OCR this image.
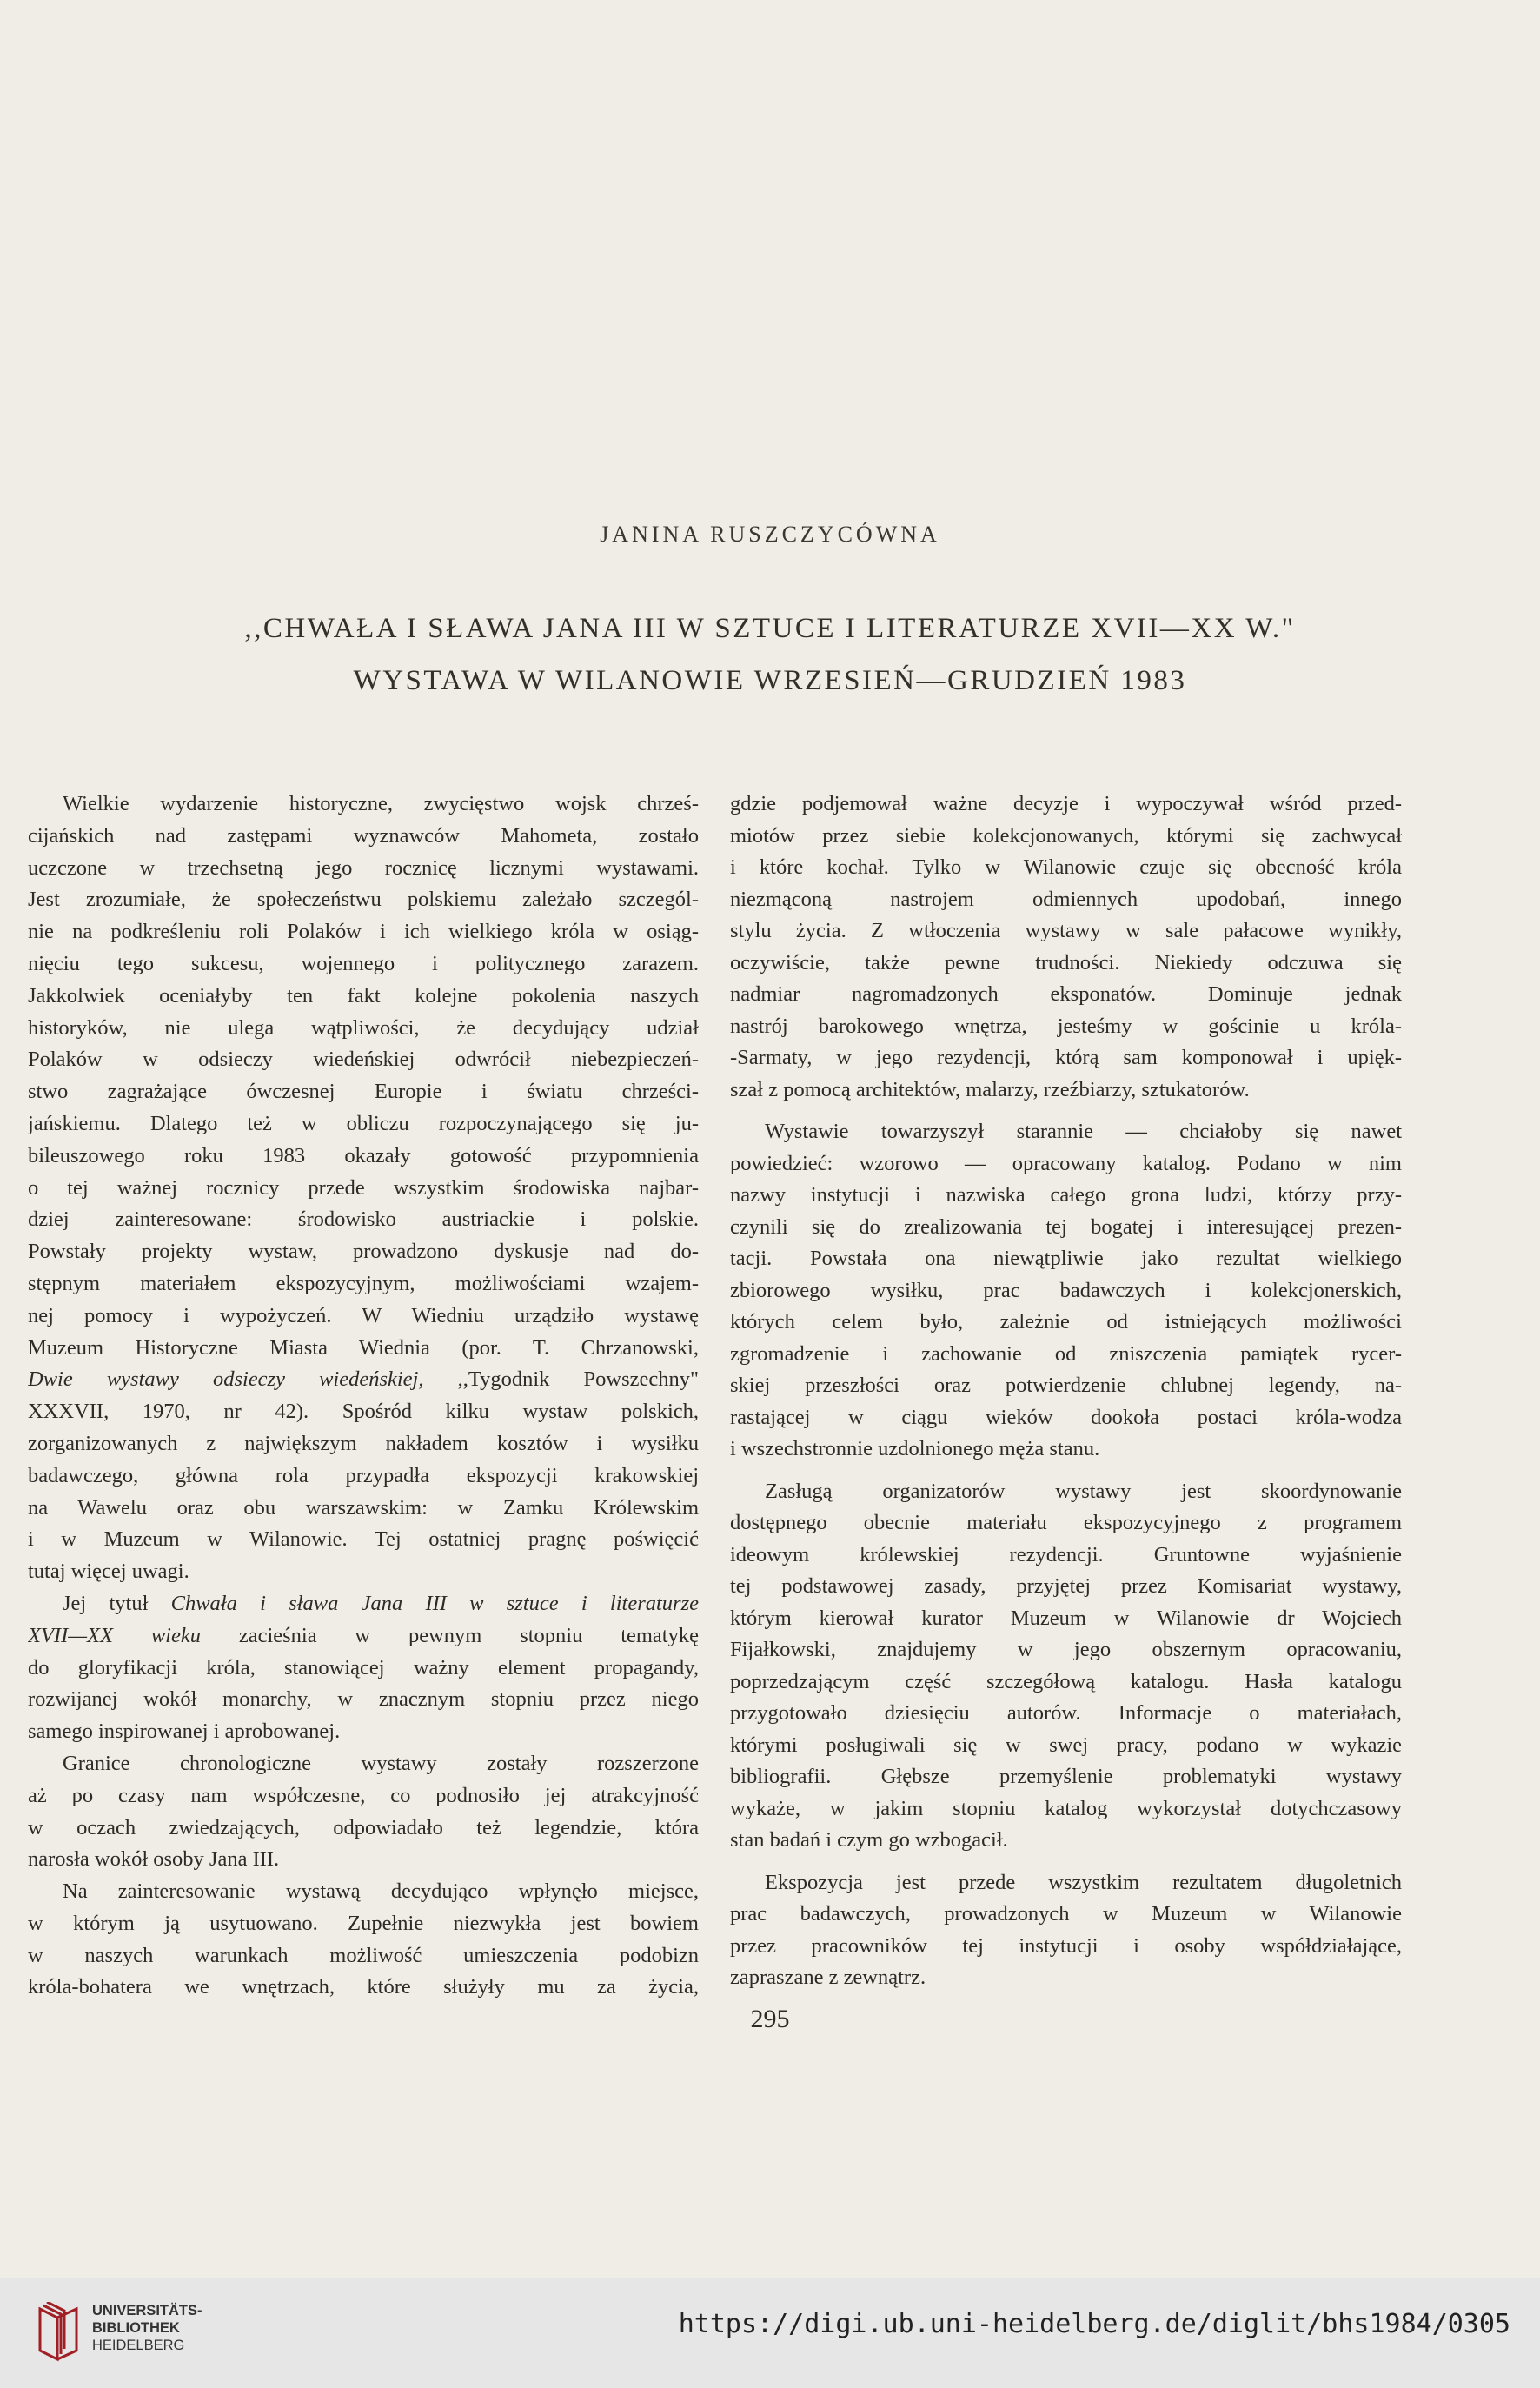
JANINA RUSZCZYCÓWNA
,,CHWAŁA I SŁAWA JANA III W SZTUCE I LITERATURZE XVII—XX W."
WYSTAWA W WILANOWIE WRZESIEŃ—GRUDZIEŃ 1983
Wielkie wydarzenie historyczne, zwycięstwo wojsk chrześ-
cijańskich nad zastępami wyznawców Mahometa, zostało
uczczone w trzechsetną jego rocznicę licznymi wystawami.
Jest zrozumiałe, że społeczeństwu polskiemu zależało szczegól-
nie na podkreśleniu roli Polaków i ich wielkiego króla w osiąg-
nięciu tego sukcesu, wojennego i politycznego zarazem.
Jakkolwiek oceniałyby ten fakt kolejne pokolenia naszych
historyków, nie ulega wątpliwości, że decydujący udział
Polaków w odsieczy wiedeńskiej odwrócił niebezpieczeń-
stwo zagrażające ówczesnej Europie i światu chrześci-
jańskiemu. Dlatego też w obliczu rozpoczynającego się ju-
bileuszowego roku 1983 okazały gotowość przypomnienia
o tej ważnej rocznicy przede wszystkim środowiska najbar-
dziej zainteresowane: środowisko austriackie i polskie.
Powstały projekty wystaw, prowadzono dyskusje nad do-
stępnym materiałem ekspozycyjnym, możliwościami wzajem-
nej pomocy i wypożyczeń. W Wiedniu urządziło wystawę
Muzeum Historyczne Miasta Wiednia (por. T. Chrzanowski,
Dwie wystawy odsieczy wiedeńskiej, ,,Tygodnik Powszechny"
XXXVII, 1970, nr 42). Spośród kilku wystaw polskich,
zorganizowanych z największym nakładem kosztów i wysiłku
badawczego, główna rola przypadła ekspozycji krakowskiej
na Wawelu oraz obu warszawskim: w Zamku Królewskim
i w Muzeum w Wilanowie. Tej ostatniej pragnę poświęcić
tutaj więcej uwagi.
Jej tytuł Chwała i sława Jana III w sztuce i literaturze
XVII—XX wieku zacieśnia w pewnym stopniu tematykę
do gloryfikacji króla, stanowiącej ważny element propagandy,
rozwijanej wokół monarchy, w znacznym stopniu przez niego
samego inspirowanej i aprobowanej.
Granice chronologiczne wystawy zostały rozszerzone
aż po czasy nam współczesne, co podnosiło jej atrakcyjność
w oczach zwiedzających, odpowiadało też legendzie, która
narosła wokół osoby Jana III.
Na zainteresowanie wystawą decydująco wpłynęło miejsce,
w którym ją usytuowano. Zupełnie niezwykła jest bowiem
w naszych warunkach możliwość umieszczenia podobizn
króla-bohatera we wnętrzach, które służyły mu za życia,
gdzie podjemował ważne decyzje i wypoczywał wśród przed-
miotów przez siebie kolekcjonowanych, którymi się zachwycał
i które kochał. Tylko w Wilanowie czuje się obecność króla
niezmąconą nastrojem odmiennych upodobań, innego
stylu życia. Z wtłoczenia wystawy w sale pałacowe wynikły,
oczywiście, także pewne trudności. Niekiedy odczuwa się
nadmiar nagromadzonych eksponatów. Dominuje jednak
nastrój barokowego wnętrza, jesteśmy w gościnie u króla-
-Sarmaty, w jego rezydencji, którą sam komponował i upięk-
szał z pomocą architektów, malarzy, rzeźbiarzy, sztukatorów.
Wystawie towarzyszył starannie — chciałoby się nawet
powiedzieć: wzorowo — opracowany katalog. Podano w nim
nazwy instytucji i nazwiska całego grona ludzi, którzy przy-
czynili się do zrealizowania tej bogatej i interesującej prezen-
tacji. Powstała ona niewątpliwie jako rezultat wielkiego
zbiorowego wysiłku, prac badawczych i kolekcjonerskich,
których celem było, zależnie od istniejących możliwości
zgromadzenie i zachowanie od zniszczenia pamiątek rycer-
skiej przeszłości oraz potwierdzenie chlubnej legendy, na-
rastającej w ciągu wieków dookoła postaci króla-wodza
i wszechstronnie uzdolnionego męża stanu.
Zasługą organizatorów wystawy jest skoordynowanie
dostępnego obecnie materiału ekspozycyjnego z programem
ideowym królewskiej rezydencji. Gruntowne wyjaśnienie
tej podstawowej zasady, przyjętej przez Komisariat wystawy,
którym kierował kurator Muzeum w Wilanowie dr Wojciech
Fijałkowski, znajdujemy w jego obszernym opracowaniu,
poprzedzającym część szczegółową katalogu. Hasła katalogu
przygotowało dziesięciu autorów. Informacje o materiałach,
którymi posługiwali się w swej pracy, podano w wykazie
bibliografii. Głębsze przemyślenie problematyki wystawy
wykaże, w jakim stopniu katalog wykorzystał dotychczasowy
stan badań i czym go wzbogacił.
Ekspozycja jest przede wszystkim rezultatem długoletnich
prac badawczych, prowadzonych w Muzeum w Wilanowie
przez pracowników tej instytucji i osoby współdziałające,
zapraszane z zewnątrz.
295
UNIVERSITÄTS-
BIBLIOTHEK
HEIDELBERG
https://digi.ub.uni-heidelberg.de/diglit/bhs1984/0305
